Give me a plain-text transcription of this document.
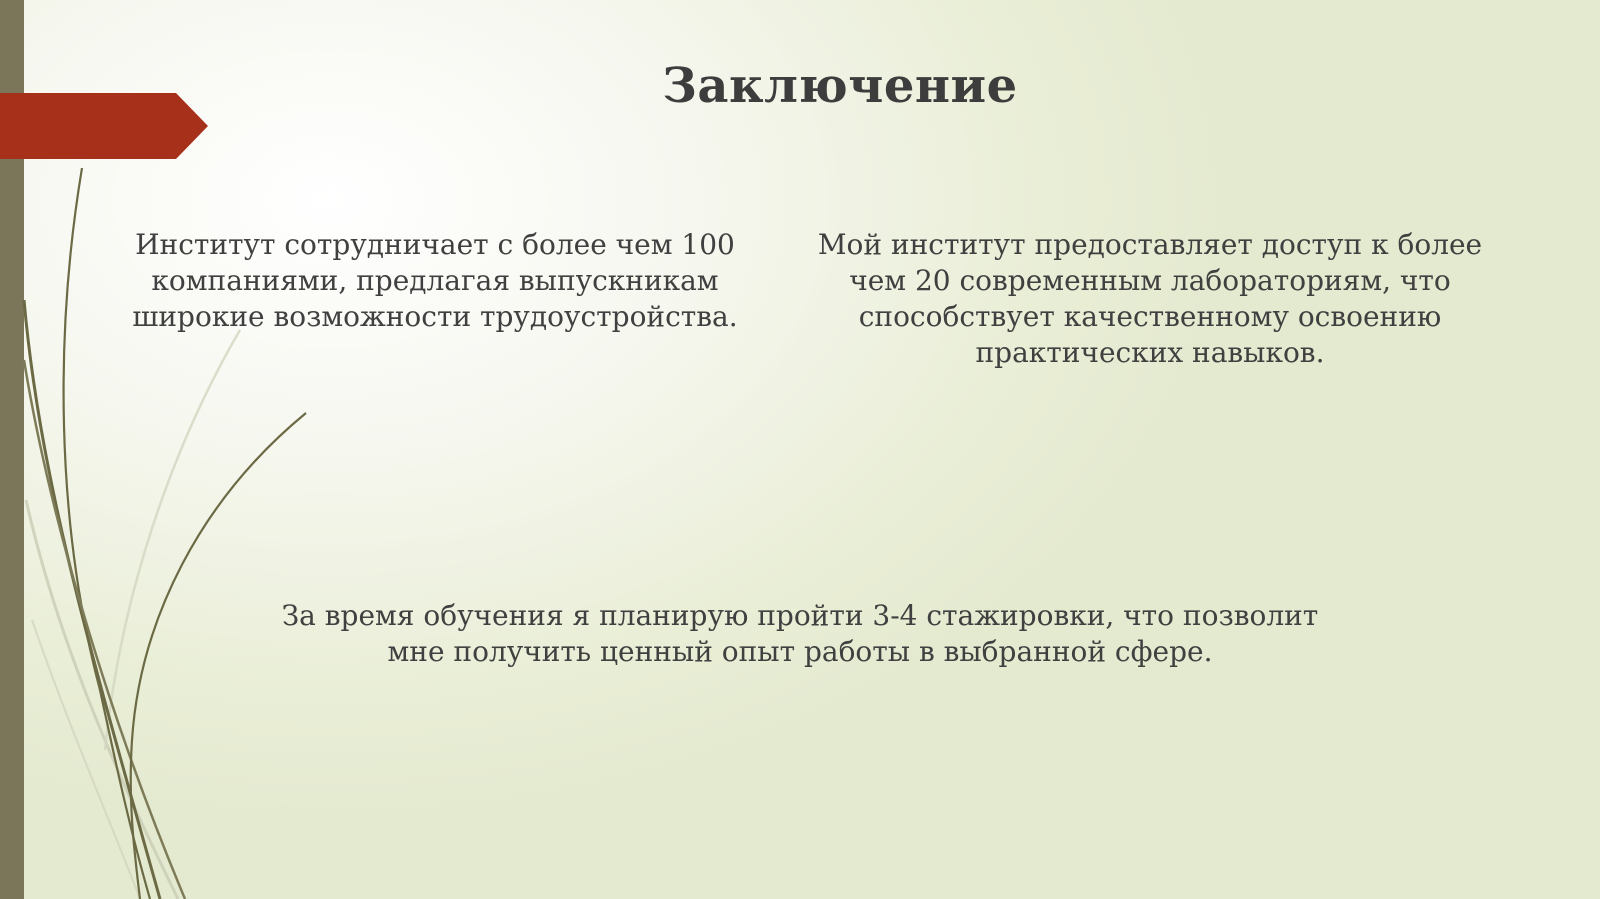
Заключение
Институт сотрудничает с более чем 100 компаниями, предлагая выпускникам широкие возможности трудоустройства.
Мой институт предоставляет доступ к более чем 20 современным лабораториям, что способствует качественному освоению практических навыков.
За время обучения я планирую пройти 3-4 стажировки, что позволит мне получить ценный опыт работы в выбранной сфере.
